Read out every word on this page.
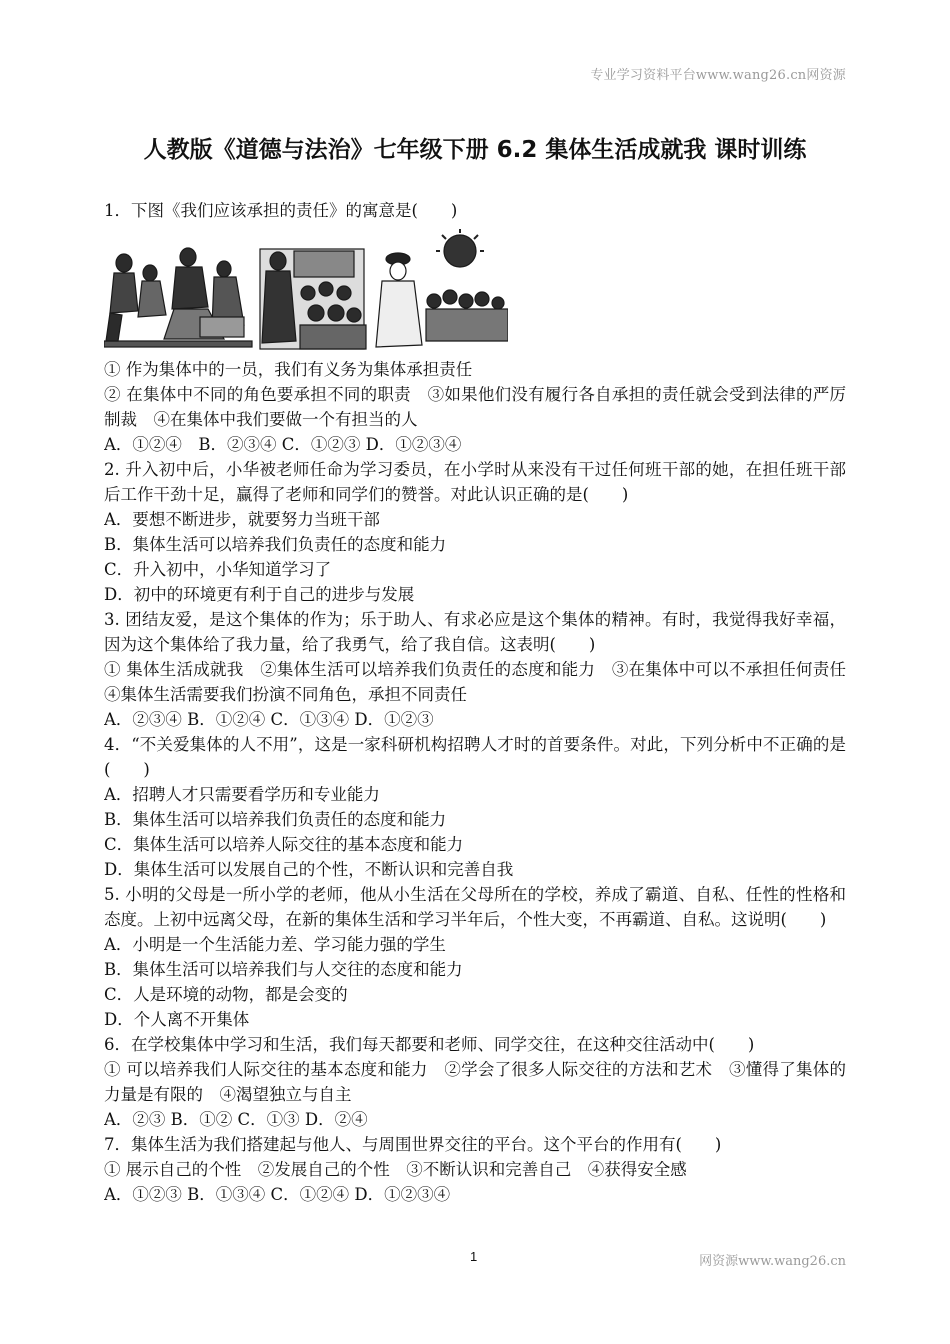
专业学习资料平台www.wang26.cn网资源
人教版《道德与法治》七年级下册 6.2 集体生活成就我 课时训练
1．下图《我们应该承担的责任》的寓意是(　　)
① 作为集体中的一员，我们有义务为集体承担责任
② 在集体中不同的角色要承担不同的职责　③如果他们没有履行各自承担的责任就会受到法律的严厉制裁　④在集体中我们要做一个有担当的人
A．①②④　B．②③④ C．①②③ D．①②③④
2. 升入初中后，小华被老师任命为学习委员，在小学时从来没有干过任何班干部的她，在担任班干部后工作干劲十足，赢得了老师和同学们的赞誉。对此认识正确的是(　　)
A．要想不断进步，就要努力当班干部
B．集体生活可以培养我们负责任的态度和能力
C．升入初中，小华知道学习了
D．初中的环境更有利于自己的进步与发展
3. 团结友爱，是这个集体的作为；乐于助人、有求必应是这个集体的精神。有时，我觉得我好幸福，因为这个集体给了我力量，给了我勇气，给了我自信。这表明(　　)
① 集体生活成就我　②集体生活可以培养我们负责任的态度和能力　③在集体中可以不承担任何责任　④集体生活需要我们扮演不同角色，承担不同责任
A．②③④ B．①②④ C．①③④ D．①②③
4．“不关爱集体的人不用”，这是一家科研机构招聘人才时的首要条件。对此，下列分析中不正确的是(　　)
A．招聘人才只需要看学历和专业能力
B．集体生活可以培养我们负责任的态度和能力
C．集体生活可以培养人际交往的基本态度和能力
D．集体生活可以发展自己的个性，不断认识和完善自我
5. 小明的父母是一所小学的老师，他从小生活在父母所在的学校，养成了霸道、自私、任性的性格和态度。上初中远离父母，在新的集体生活和学习半年后，个性大变，不再霸道、自私。这说明(　　)
A．小明是一个生活能力差、学习能力强的学生
B．集体生活可以培养我们与人交往的态度和能力
C．人是环境的动物，都是会变的
D．个人离不开集体
6．在学校集体中学习和生活，我们每天都要和老师、同学交往，在这种交往活动中(　　)
① 可以培养我们人际交往的基本态度和能力　②学会了很多人际交往的方法和艺术　③懂得了集体的力量是有限的　④渴望独立与自主
A．②③ B．①② C．①③ D．②④
7．集体生活为我们搭建起与他人、与周围世界交往的平台。这个平台的作用有(　　)
① 展示自己的个性　②发展自己的个性　③不断认识和完善自己　④获得安全感
A．①②③ B．①③④ C．①②④ D．①②③④
1	网资源www.wang26.cn
